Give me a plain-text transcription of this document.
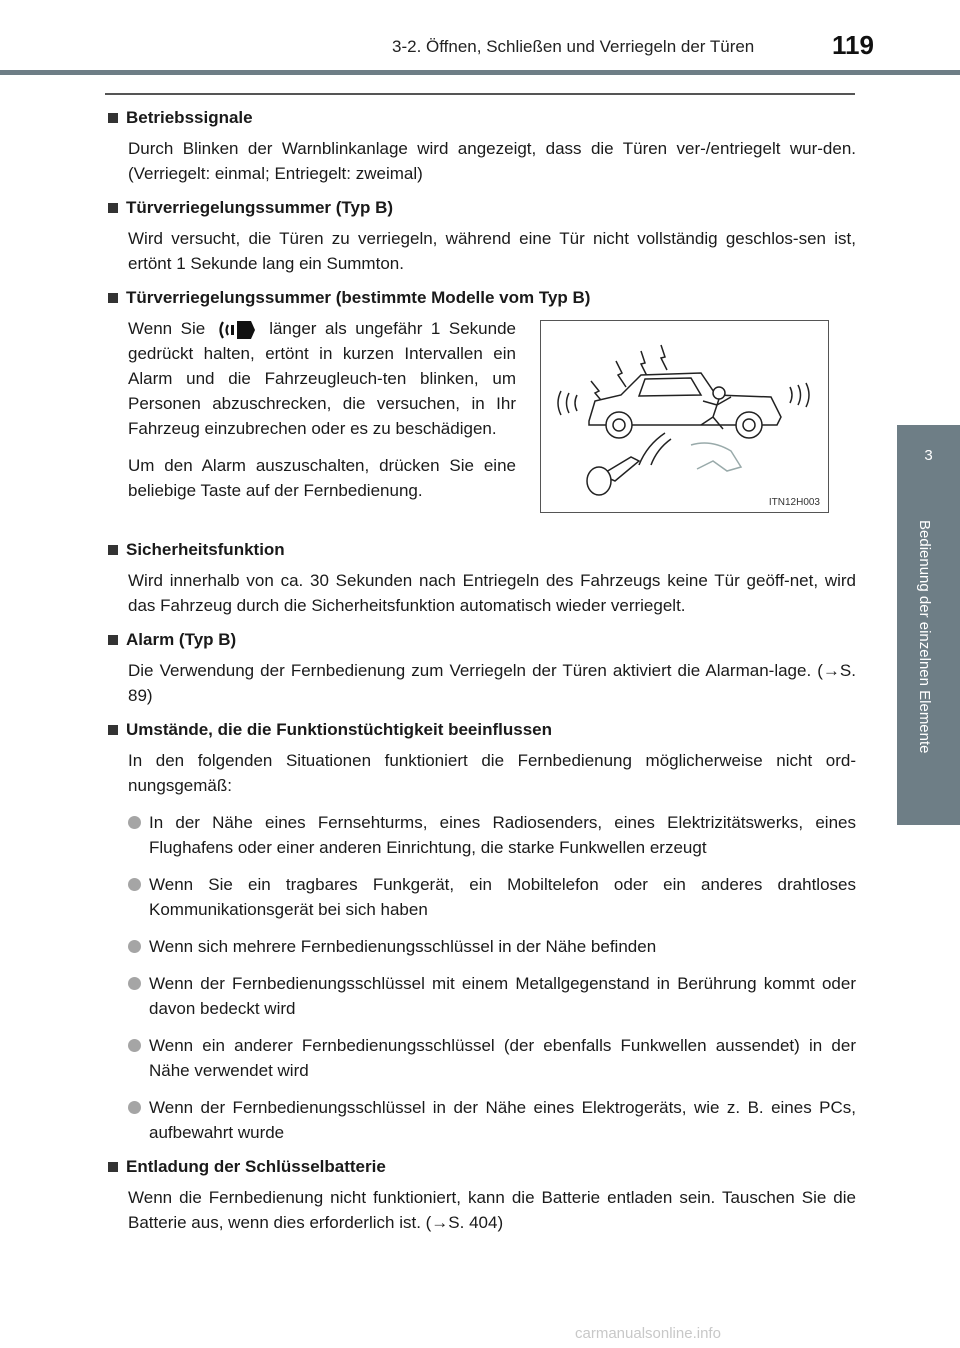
3-2. Öffnen, Schließen und Verriegeln der Türen	119
3
Bedienung der einzelnen Elemente
Betriebssignale
Durch Blinken der Warnblinkanlage wird angezeigt, dass die Türen ver-/entriegelt wur-den. (Verriegelt: einmal; Entriegelt: zweimal)
Türverriegelungssummer (Typ B)
Wird versucht, die Türen zu verriegeln, während eine Tür nicht vollständig geschlos-sen ist, ertönt 1 Sekunde lang ein Summton.
Türverriegelungssummer (bestimmte Modelle vom Typ B)
Wenn Sie	länger als ungefähr 1 Sekunde gedrückt halten, ertönt in kurzen Intervallen ein Alarm und die Fahrzeugleuch-ten blinken, um Personen abzuschrecken, die versuchen, in Ihr Fahrzeug einzubrechen oder es zu beschädigen.
Um den Alarm auszuschalten, drücken Sie eine beliebige Taste auf der Fernbedienung.
ITN12H003
Sicherheitsfunktion
Wird innerhalb von ca. 30 Sekunden nach Entriegeln des Fahrzeugs keine Tür geöff-net, wird das Fahrzeug durch die Sicherheitsfunktion automatisch wieder verriegelt.
Alarm (Typ B)
Die Verwendung der Fernbedienung zum Verriegeln der Türen aktiviert die Alarman-lage. (→S. 89)
Umstände, die die Funktionstüchtigkeit beeinflussen
In den folgenden Situationen funktioniert die Fernbedienung möglicherweise nicht ord-nungsgemäß:
In der Nähe eines Fernsehturms, eines Radiosenders, eines Elektrizitätswerks, eines Flughafens oder einer anderen Einrichtung, die starke Funkwellen erzeugt
Wenn Sie ein tragbares Funkgerät, ein Mobiltelefon oder ein anderes drahtloses Kommunikationsgerät bei sich haben
Wenn sich mehrere Fernbedienungsschlüssel in der Nähe befinden
Wenn der Fernbedienungsschlüssel mit einem Metallgegenstand in Berührung kommt oder davon bedeckt wird
Wenn ein anderer Fernbedienungsschlüssel (der ebenfalls Funkwellen aussendet) in der Nähe verwendet wird
Wenn der Fernbedienungsschlüssel in der Nähe eines Elektrogeräts, wie z. B. eines PCs, aufbewahrt wurde
Entladung der Schlüsselbatterie
Wenn die Fernbedienung nicht funktioniert, kann die Batterie entladen sein. Tauschen Sie die Batterie aus, wenn dies erforderlich ist. (→S. 404)
carmanualsonline.info
